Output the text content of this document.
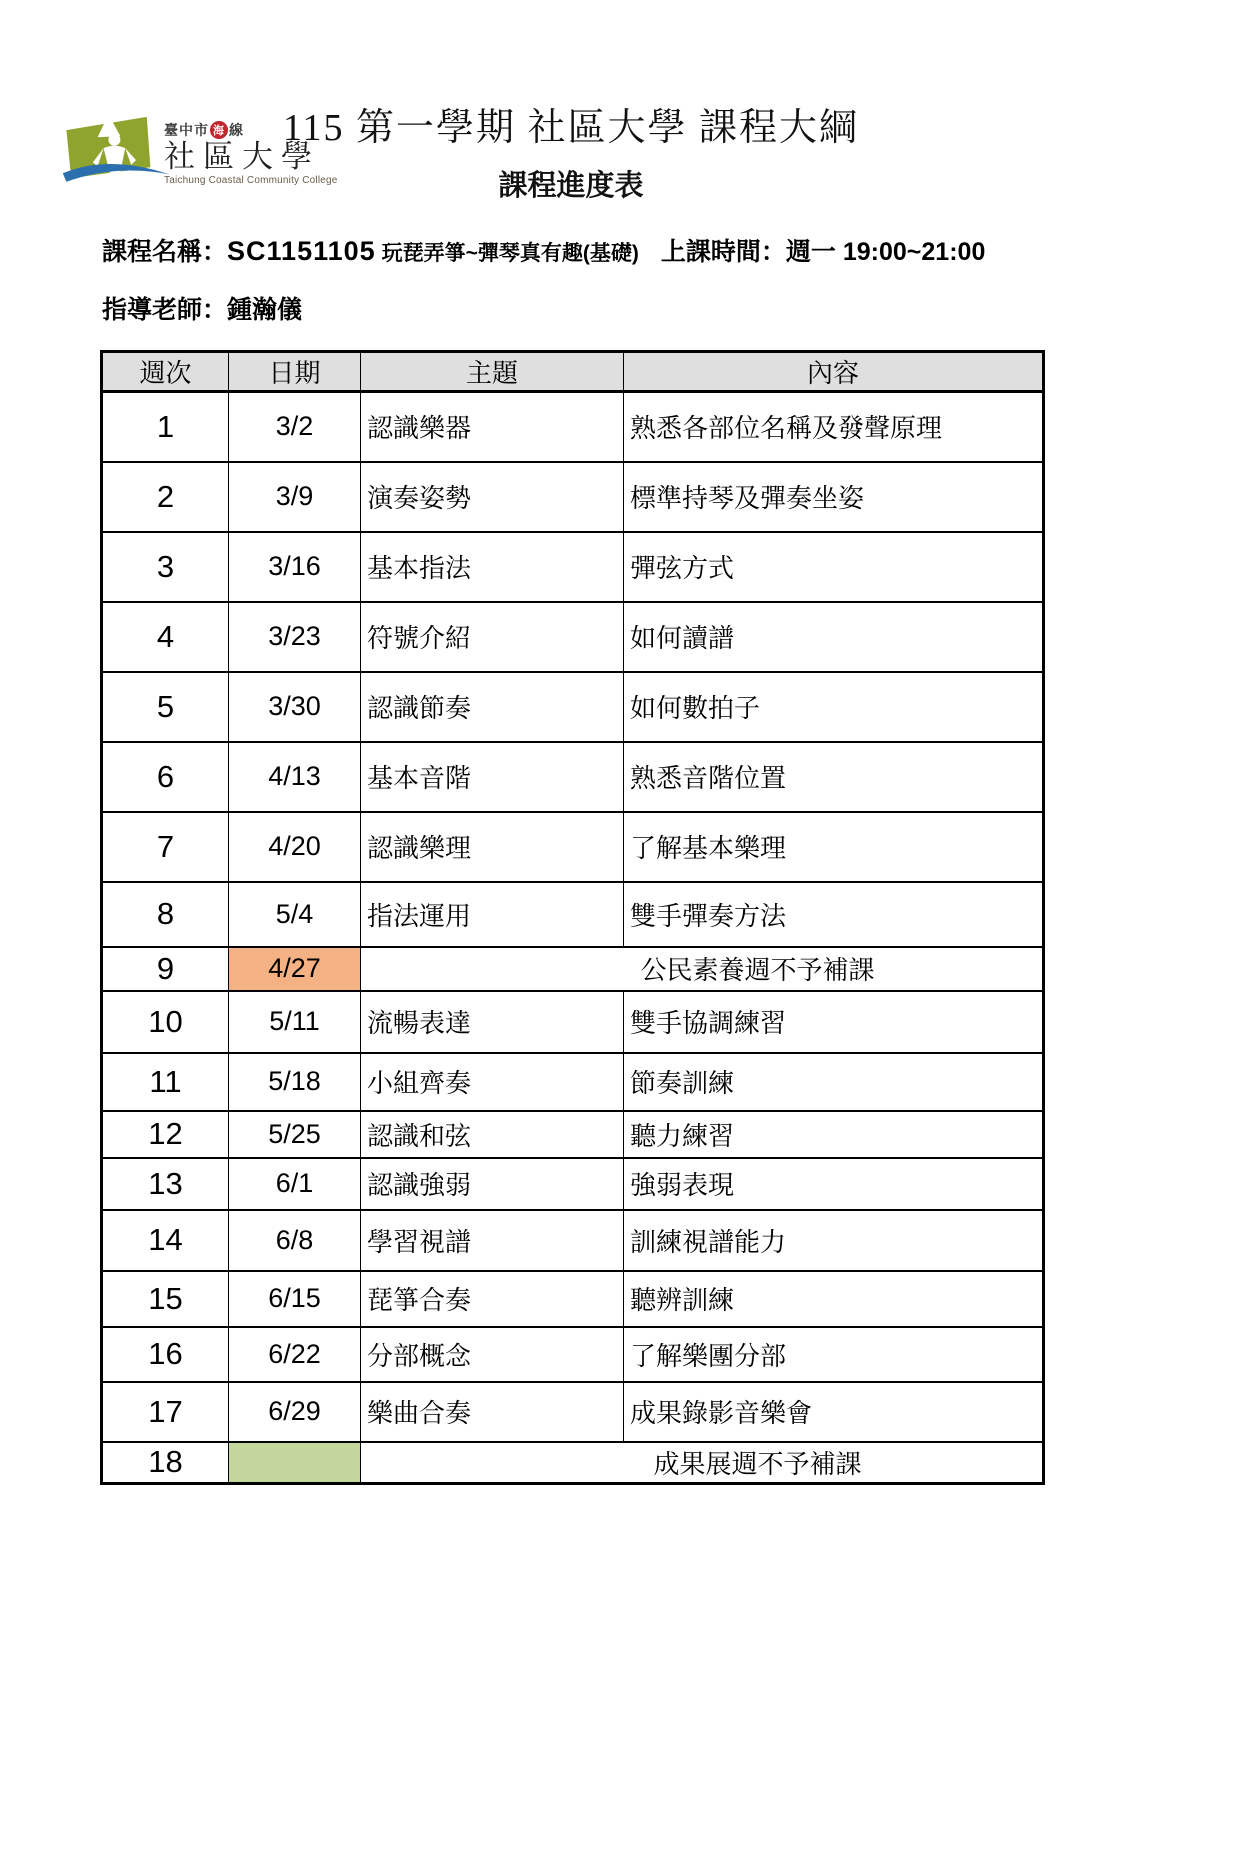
臺中市 海 線
社區大學
Taichung Coastal Community College
115 第一學期 社區大學 課程大綱
課程進度表
課程名稱：SC1151105 玩琵弄箏~彈琴真有趣(基礎) 上課時間：週一 19:00~21:00
指導老師：鍾瀚儀
週次	日期	主題	內容
1	3/2	認識樂器	熟悉各部位名稱及發聲原理
2	3/9	演奏姿勢	標準持琴及彈奏坐姿
3	3/16	基本指法	彈弦方式
4	3/23	符號介紹	如何讀譜
5	3/30	認識節奏	如何數拍子
6	4/13	基本音階	熟悉音階位置
7	4/20	認識樂理	了解基本樂理
8	5/4	指法運用	雙手彈奏方法
9	4/27	公民素養週不予補課	
10	5/11	流暢表達	雙手協調練習
11	5/18	小組齊奏	節奏訓練
12	5/25	認識和弦	聽力練習
13	6/1	認識強弱	強弱表現
14	6/8	學習視譜	訓練視譜能力
15	6/15	琵箏合奏	聽辨訓練
16	6/22	分部概念	了解樂團分部
17	6/29	樂曲合奏	成果錄影音樂會
18		成果展週不予補課	
